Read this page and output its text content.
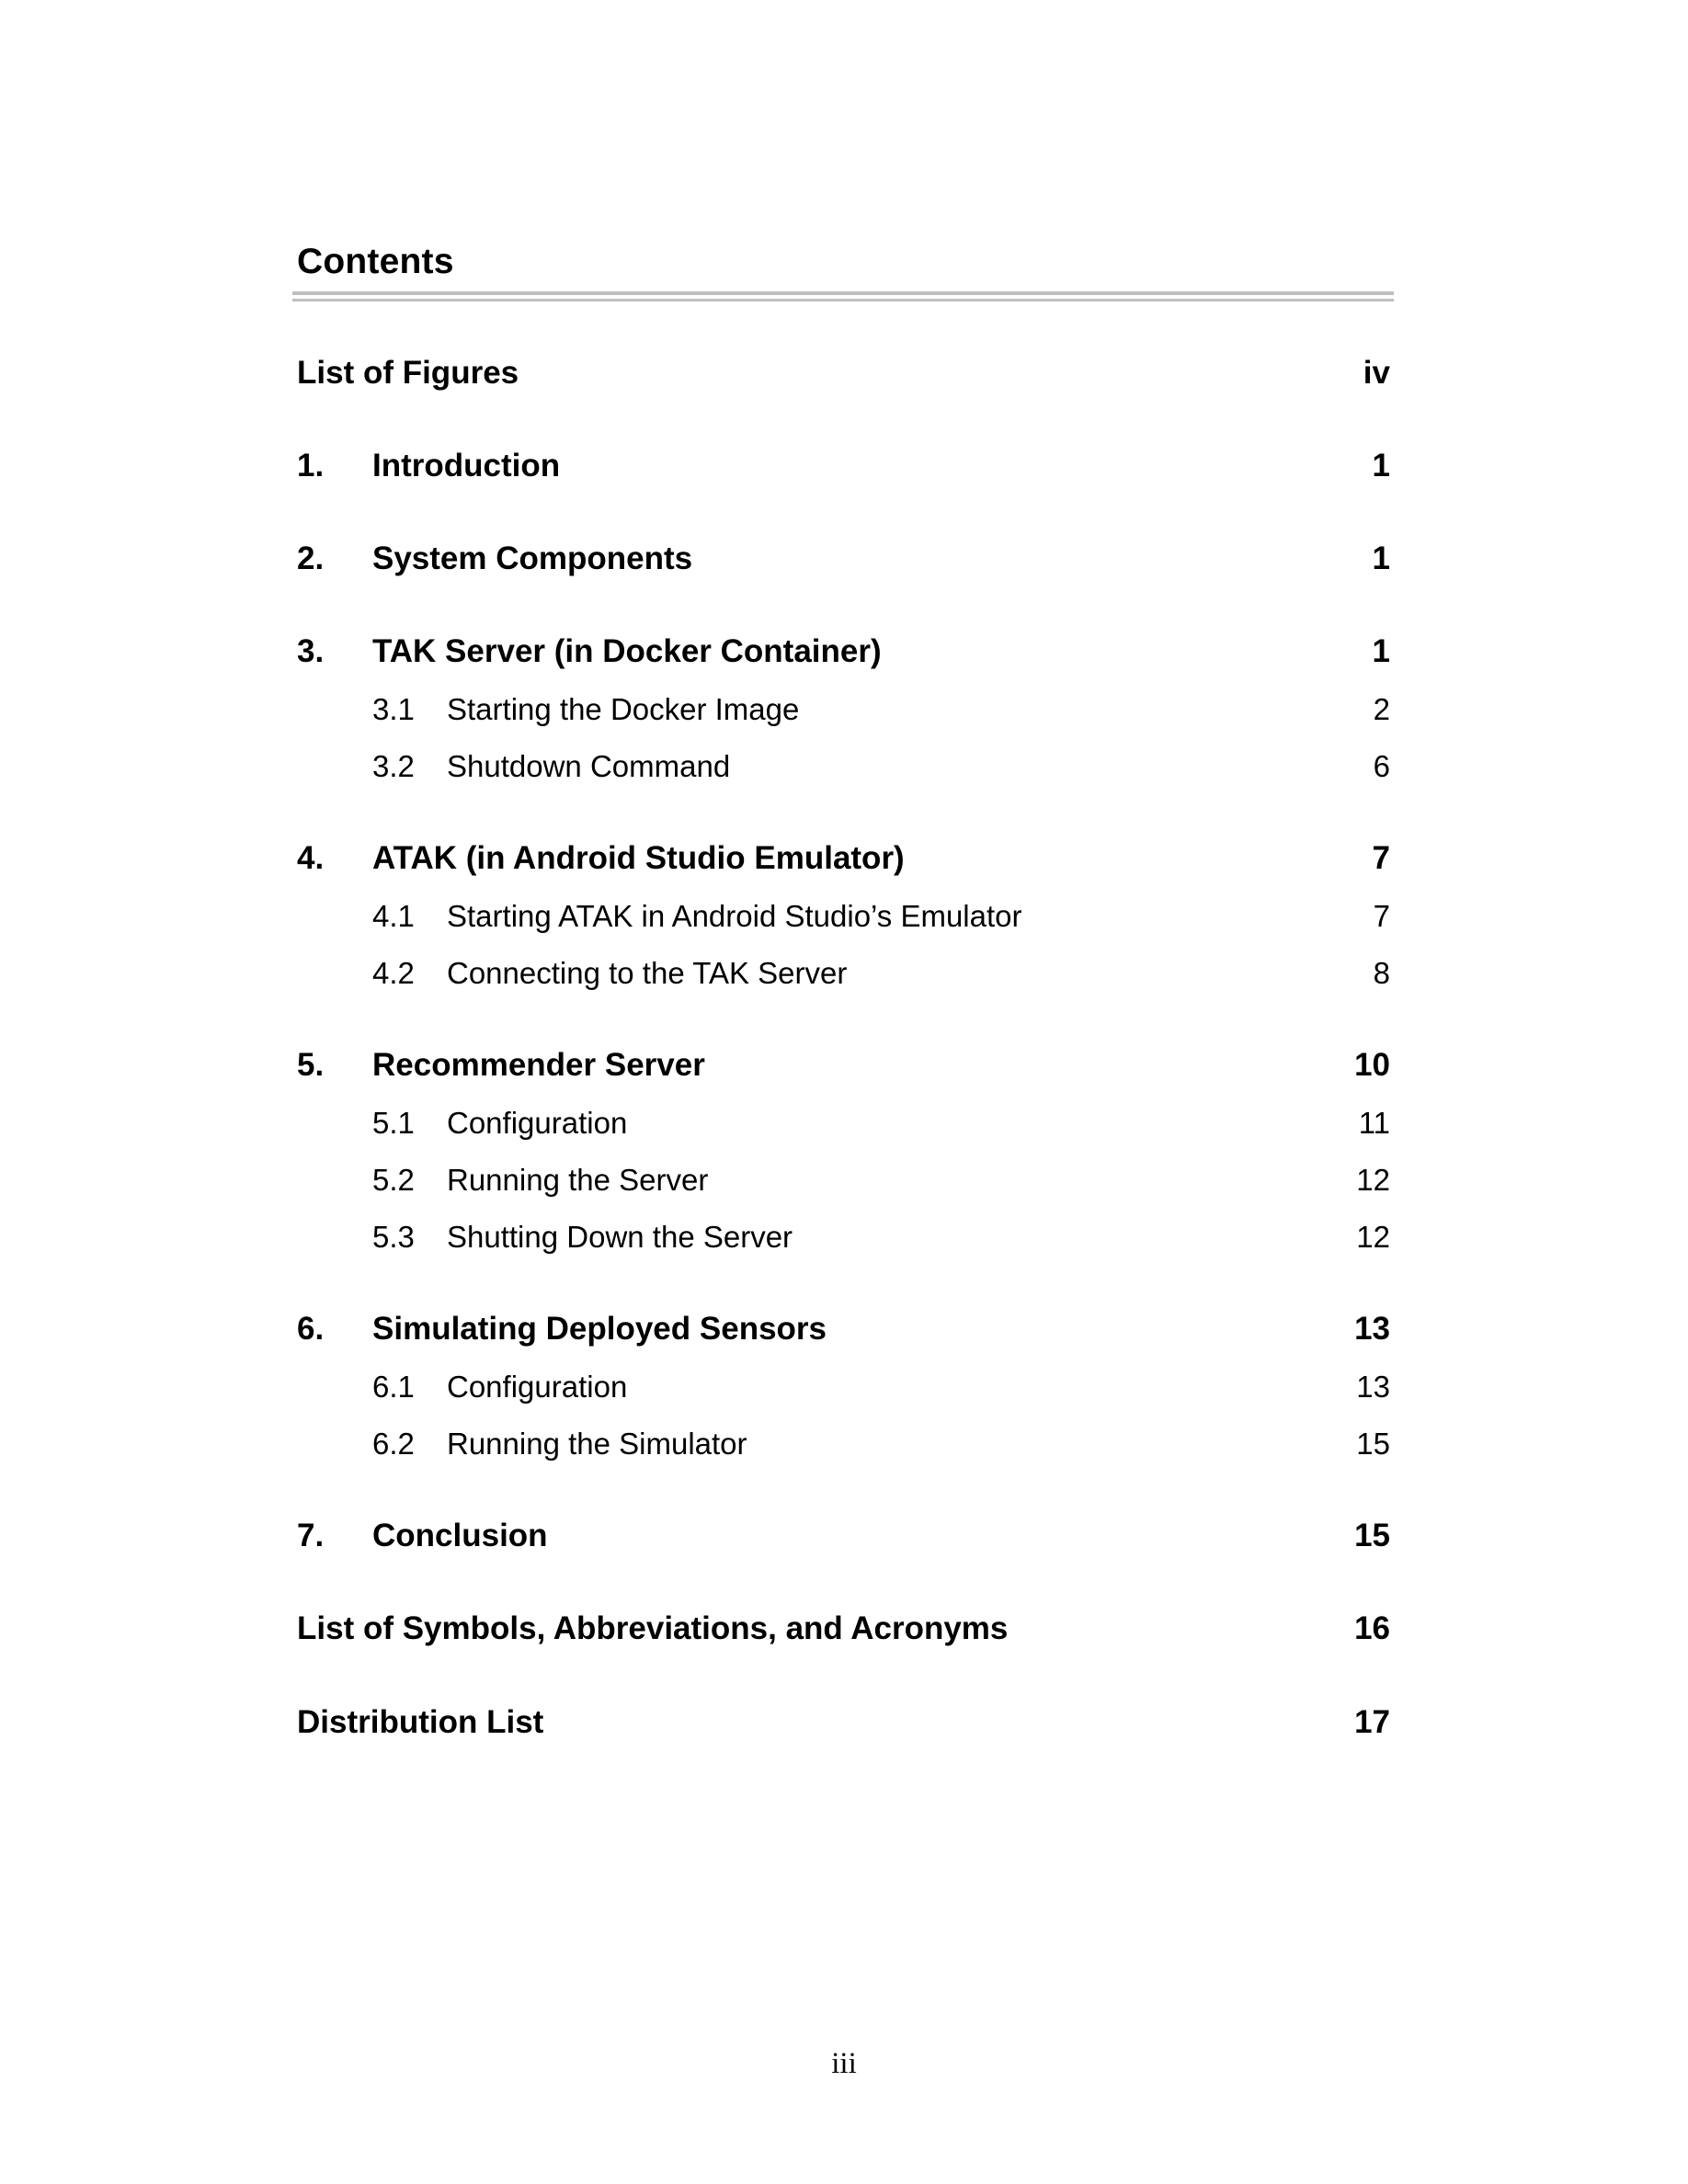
Contents
List of Figures	iv
1. Introduction	1
2. System Components	1
3. TAK Server (in Docker Container)	1
3.1 Starting the Docker Image	2
3.2 Shutdown Command	6
4. ATAK (in Android Studio Emulator)	7
4.1 Starting ATAK in Android Studio’s Emulator	7
4.2 Connecting to the TAK Server	8
5. Recommender Server	10
5.1 Configuration	11
5.2 Running the Server	12
5.3 Shutting Down the Server	12
6. Simulating Deployed Sensors	13
6.1 Configuration	13
6.2 Running the Simulator	15
7. Conclusion	15
List of Symbols, Abbreviations, and Acronyms	16
Distribution List	17
iii
